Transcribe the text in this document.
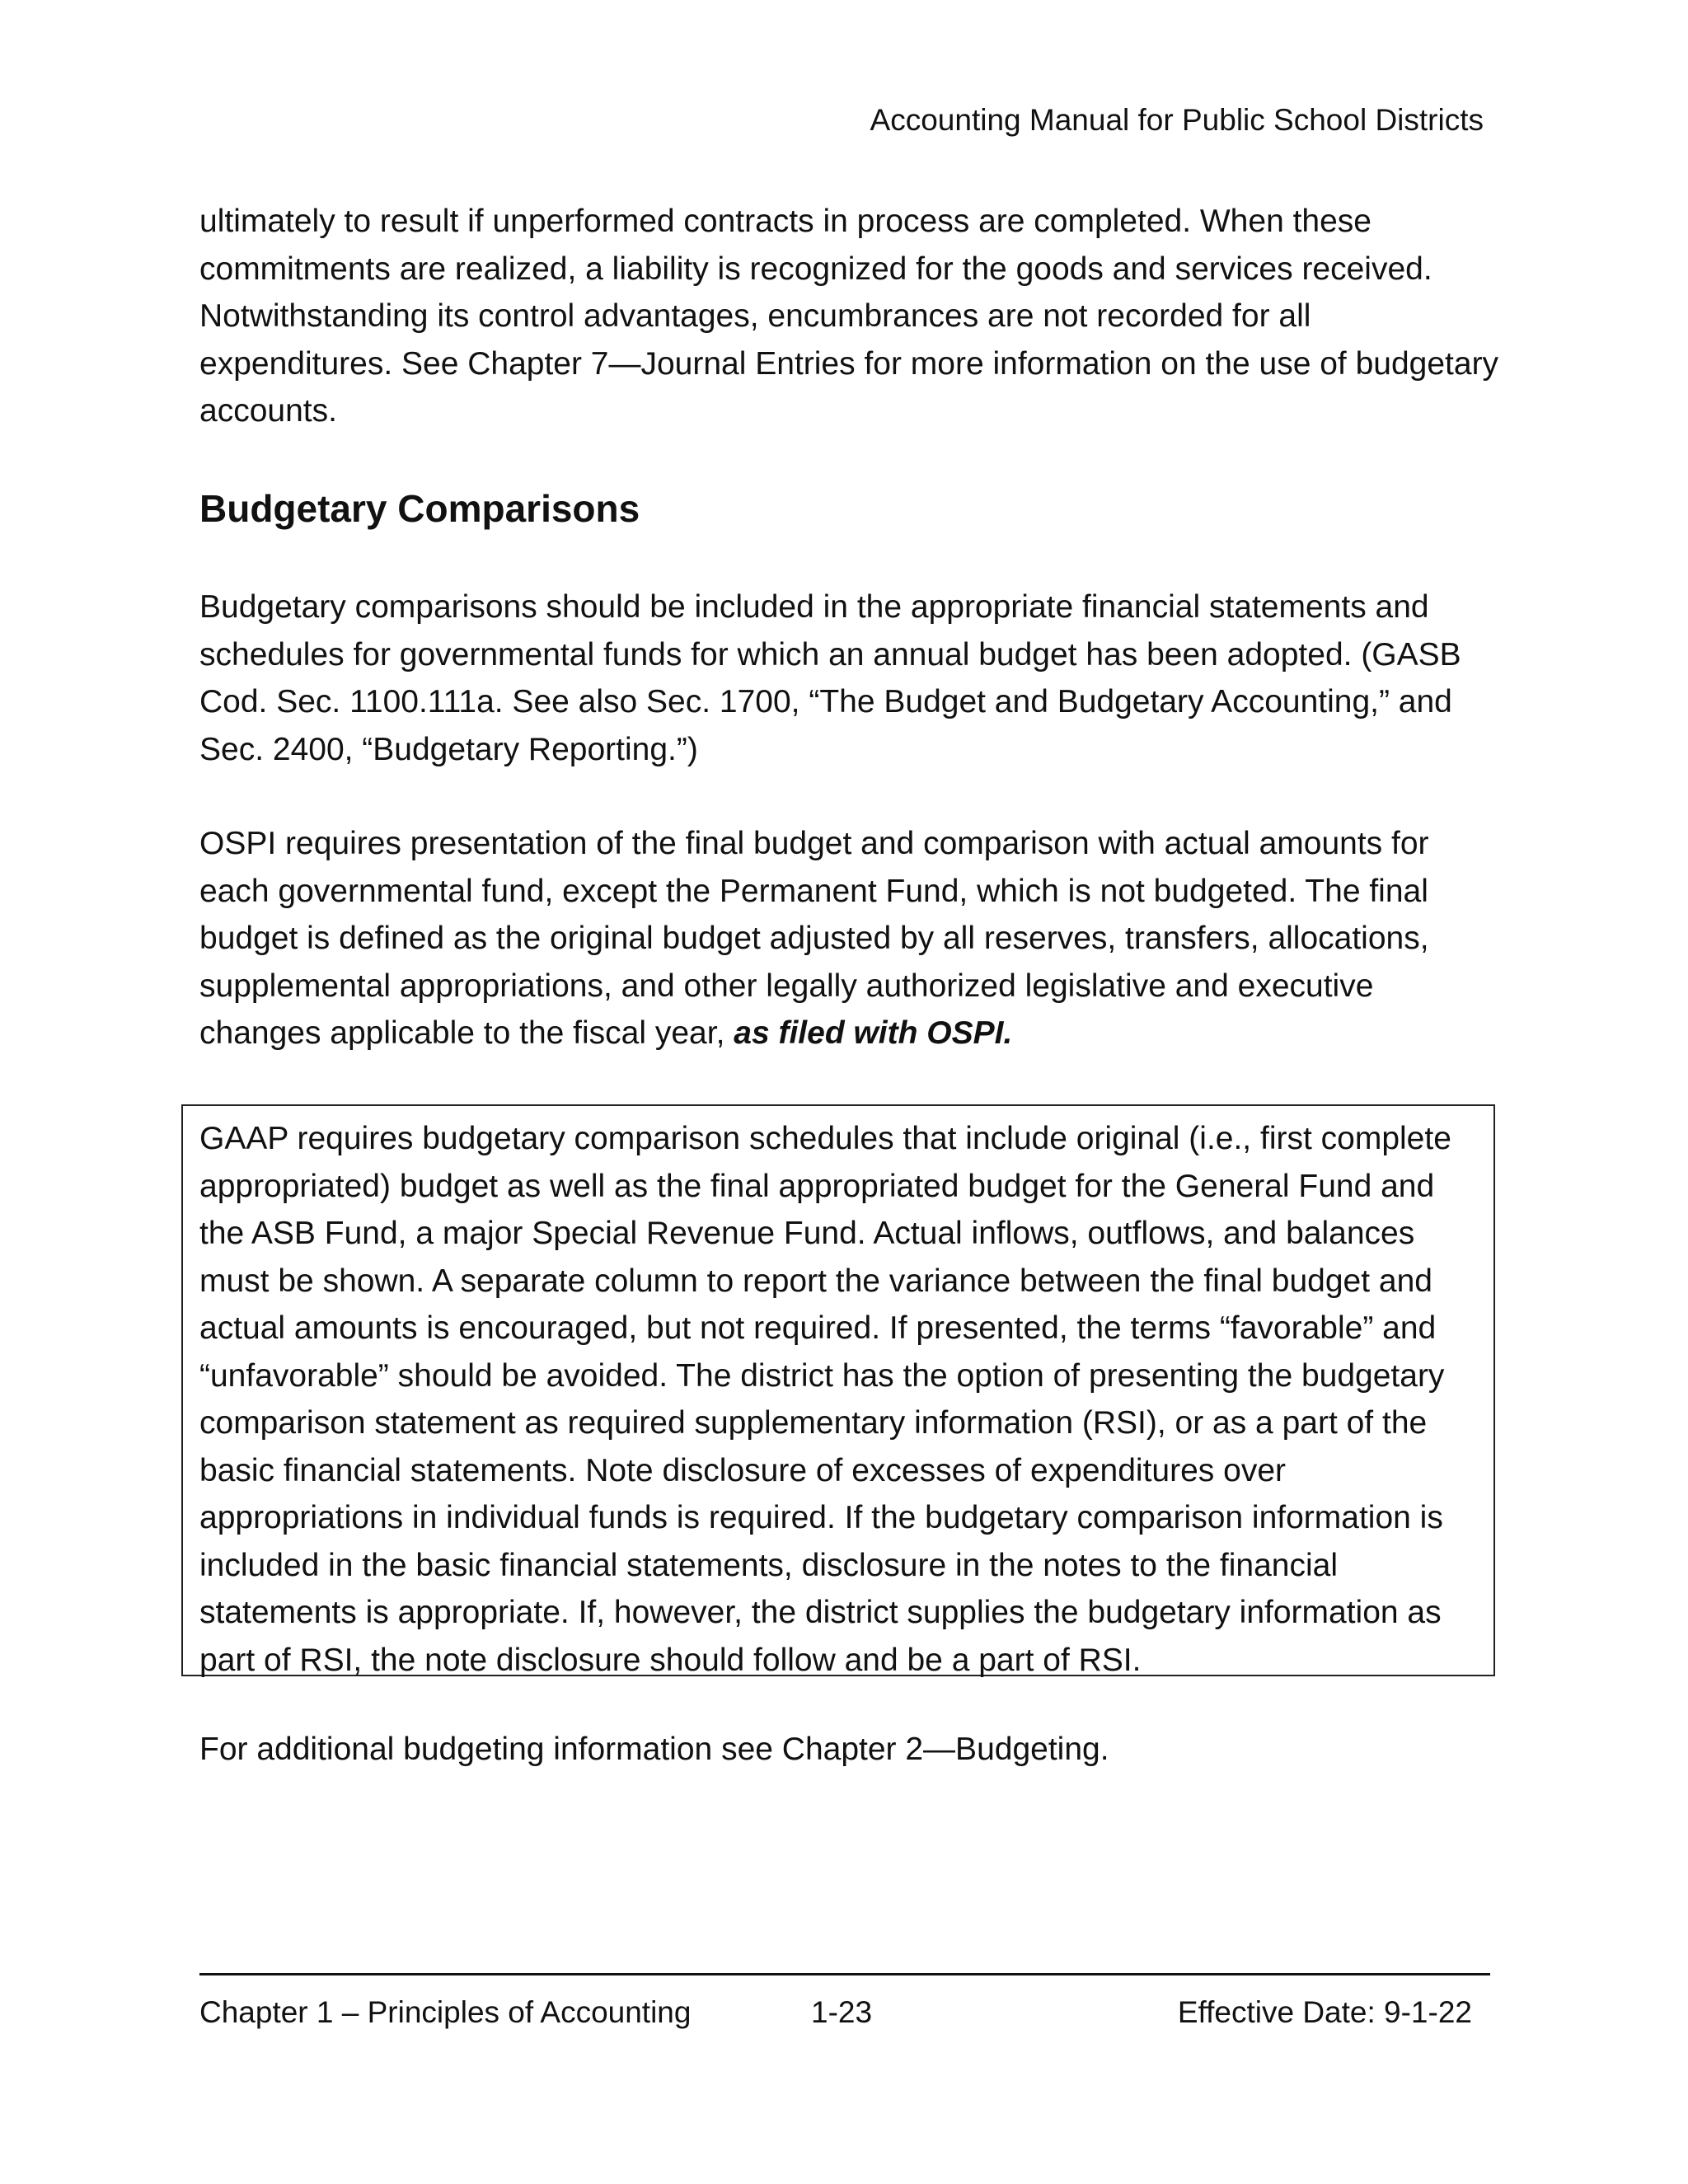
Accounting Manual for Public School Districts

ultimately to result if unperformed contracts in process are completed. When these commitments are realized, a liability is recognized for the goods and services received. Notwithstanding its control advantages, encumbrances are not recorded for all expenditures. See Chapter 7—Journal Entries for more information on the use of budgetary accounts.

Budgetary Comparisons

Budgetary comparisons should be included in the appropriate financial statements and schedules for governmental funds for which an annual budget has been adopted. (GASB Cod. Sec. 1100.111a. See also Sec. 1700, “The Budget and Budgetary Accounting,” and Sec. 2400, “Budgetary Reporting.”)

OSPI requires presentation of the final budget and comparison with actual amounts for each governmental fund, except the Permanent Fund, which is not budgeted. The final budget is defined as the original budget adjusted by all reserves, transfers, allocations, supplemental appropriations, and other legally authorized legislative and executive changes applicable to the fiscal year, as filed with OSPI.

GAAP requires budgetary comparison schedules that include original (i.e., first complete appropriated) budget as well as the final appropriated budget for the General Fund and the ASB Fund, a major Special Revenue Fund. Actual inflows, outflows, and balances must be shown. A separate column to report the variance between the final budget and actual amounts is encouraged, but not required. If presented, the terms “favorable” and “unfavorable” should be avoided. The district has the option of presenting the budgetary comparison statement as required supplementary information (RSI), or as a part of the basic financial statements. Note disclosure of excesses of expenditures over appropriations in individual funds is required. If the budgetary comparison information is included in the basic financial statements, disclosure in the notes to the financial statements is appropriate. If, however, the district supplies the budgetary information as part of RSI, the note disclosure should follow and be a part of RSI.

For additional budgeting information see Chapter 2—Budgeting.

Chapter 1 – Principles of Accounting	1-23	Effective Date: 9-1-22
